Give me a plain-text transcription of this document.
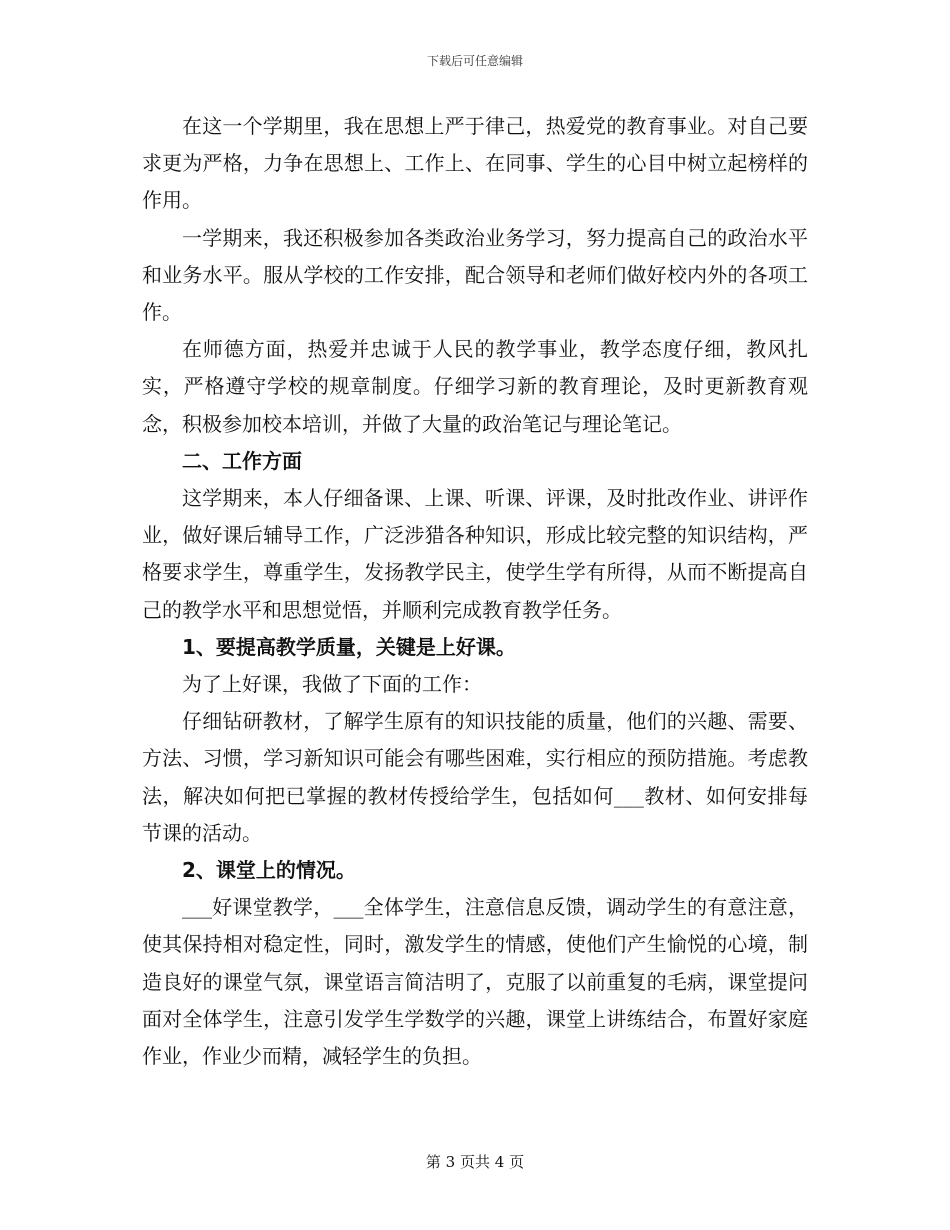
下载后可任意编辑

在这一个学期里，我在思想上严于律己，热爱党的教育事业。对自己要求更为严格，力争在思想上、工作上、在同事、学生的心目中树立起榜样的作用。

一学期来，我还积极参加各类政治业务学习，努力提高自己的政治水平和业务水平。服从学校的工作安排，配合领导和老师们做好校内外的各项工作。

在师德方面，热爱并忠诚于人民的教学事业，教学态度仔细，教风扎实，严格遵守学校的规章制度。仔细学习新的教育理论，及时更新教育观念，积极参加校本培训，并做了大量的政治笔记与理论笔记。

二、工作方面

这学期来，本人仔细备课、上课、听课、评课，及时批改作业、讲评作业，做好课后辅导工作，广泛涉猎各种知识，形成比较完整的知识结构，严格要求学生，尊重学生，发扬教学民主，使学生学有所得，从而不断提高自己的教学水平和思想觉悟，并顺利完成教育教学任务。

1、要提高教学质量，关键是上好课。

为了上好课，我做了下面的工作：

仔细钻研教材，了解学生原有的知识技能的质量，他们的兴趣、需要、方法、习惯，学习新知识可能会有哪些困难，实行相应的预防措施。考虑教法，解决如何把已掌握的教材传授给学生，包括如何___教材、如何安排每节课的活动。

2、课堂上的情况。

___好课堂教学，___全体学生，注意信息反馈，调动学生的有意注意，使其保持相对稳定性，同时，激发学生的情感，使他们产生愉悦的心境，制造良好的课堂气氛，课堂语言简洁明了，克服了以前重复的毛病，课堂提问面对全体学生，注意引发学生学数学的兴趣，课堂上讲练结合，布置好家庭作业，作业少而精，减轻学生的负担。

第 3 页共 4 页
